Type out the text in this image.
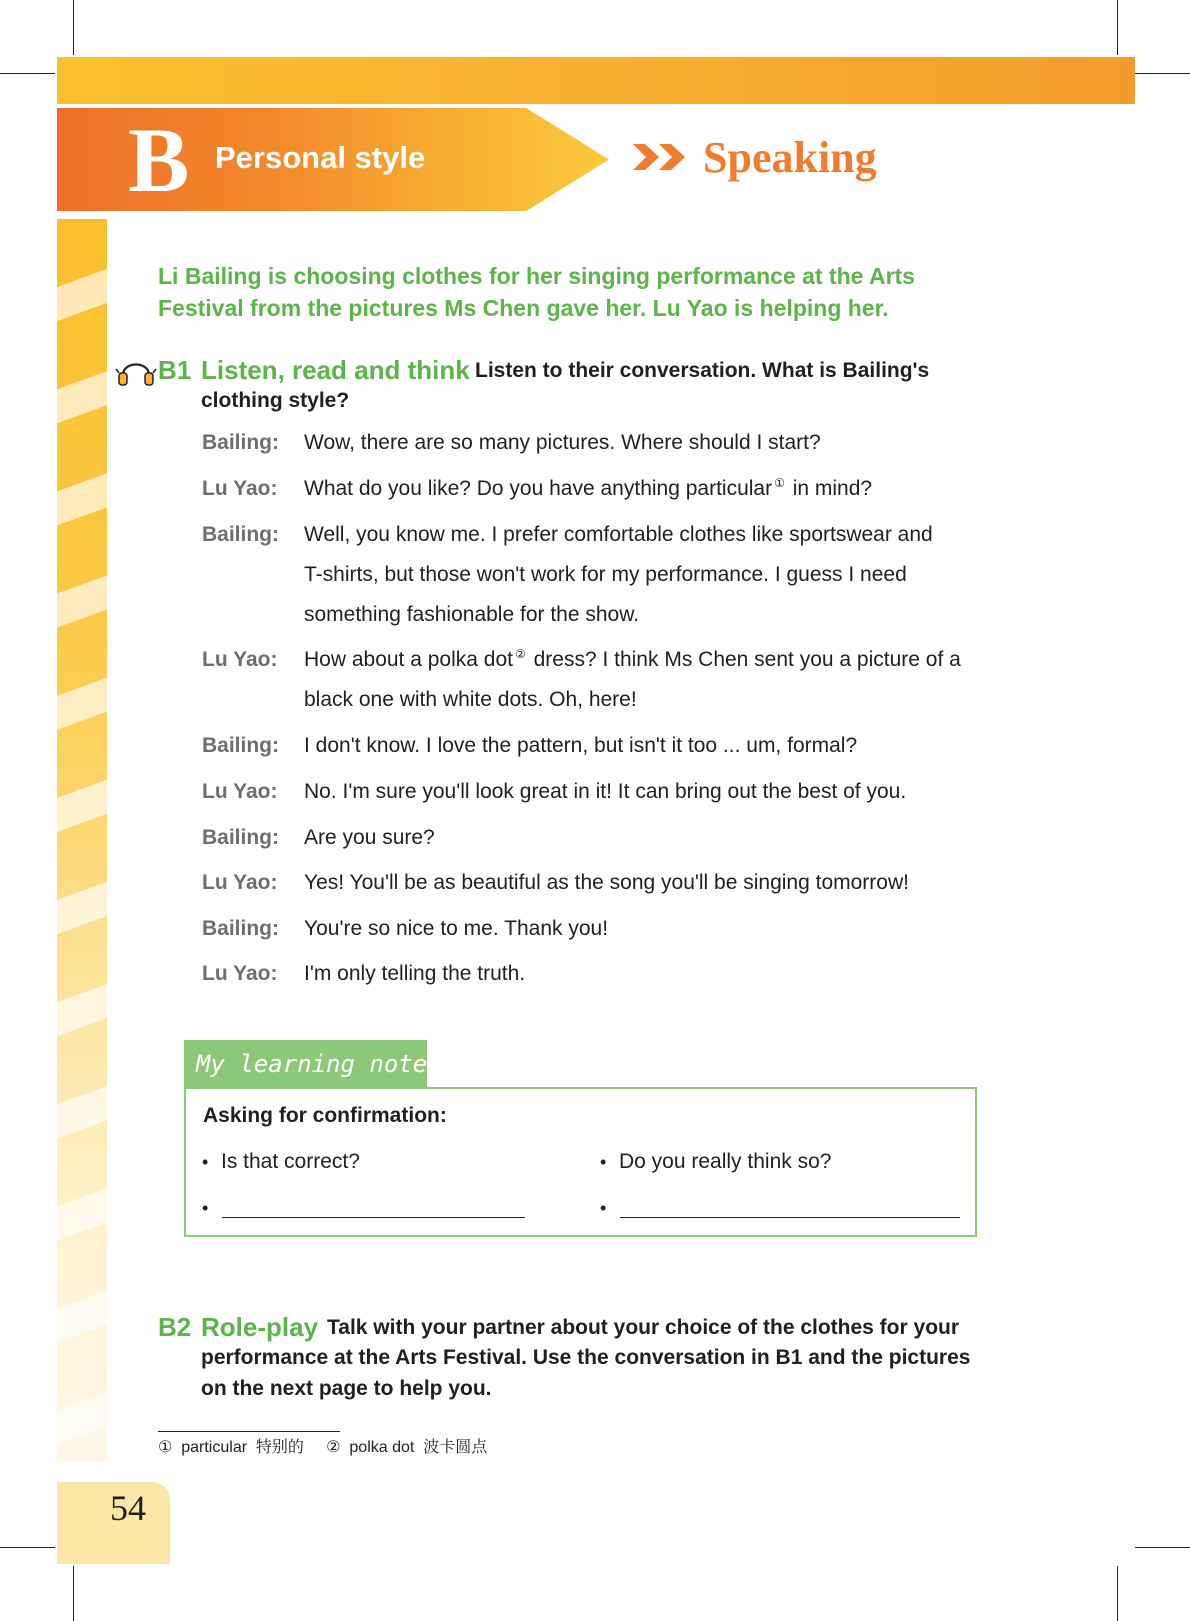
B Personal style	Speaking

Li Bailing is choosing clothes for her singing performance at the Arts Festival from the pictures Ms Chen gave her. Lu Yao is helping her.

B1 Listen, read and think Listen to their conversation. What is Bailing's
clothing style?
Bailing: Wow, there are so many pictures. Where should I start?
Lu Yao: What do you like? Do you have anything particular ① in mind?
Bailing: Well, you know me. I prefer comfortable clothes like sportswear and
T-shirts, but those won't work for my performance. I guess I need
something fashionable for the show.
Lu Yao: How about a polka dot ② dress? I think Ms Chen sent you a picture of a
black one with white dots. Oh, here!
Bailing: I don't know. I love the pattern, but isn't it too ... um, formal?
Lu Yao: No. I'm sure you'll look great in it! It can bring out the best of you.
Bailing: Are you sure?
Lu Yao: Yes! You'll be as beautiful as the song you'll be singing tomorrow!
Bailing: You're so nice to me. Thank you!
Lu Yao: I'm only telling the truth.
My learning notes
Asking for confirmation:
• Is that correct?	• Do you really think so?
•	•
B2 Role-play Talk with your partner about your choice of the clothes for your
performance at the Arts Festival. Use the conversation in B1 and the pictures
on the next page to help you.
①  particular  特别的     ②  polka dot  波卡圆点
54
